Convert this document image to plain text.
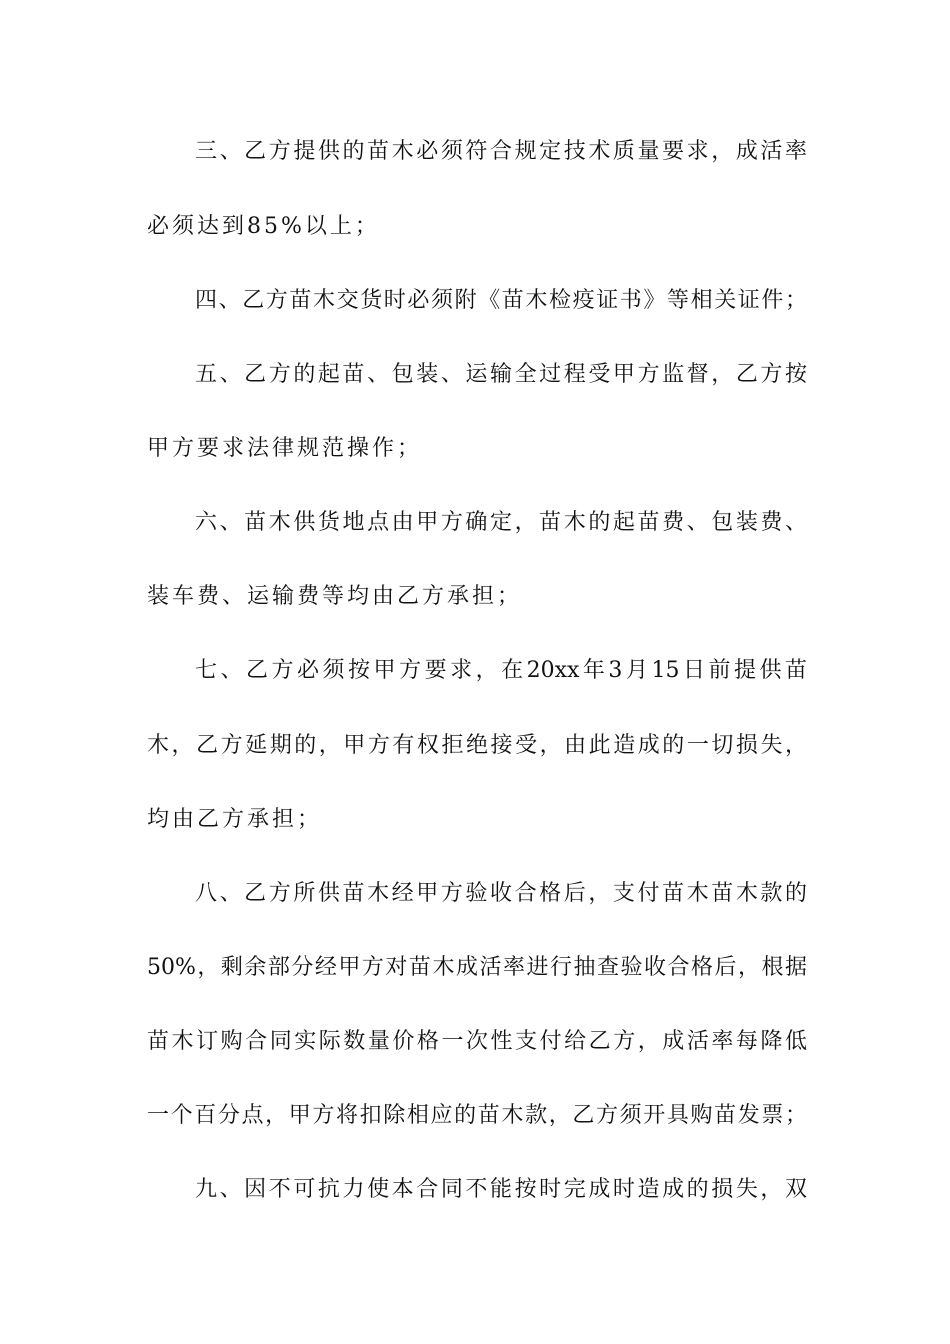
三、乙方提供的苗木必须符合规定技术质量要求，成活率
必须达到85%以上；
四、乙方苗木交货时必须附《苗木检疫证书》等相关证件；
五、乙方的起苗、包装、运输全过程受甲方监督，乙方按
甲方要求法律规范操作；
六、苗木供货地点由甲方确定，苗木的起苗费、包装费、
装车费、运输费等均由乙方承担；
七、乙方必须按甲方要求，在20xx年3月15日前提供苗
木，乙方延期的，甲方有权拒绝接受，由此造成的一切损失，
均由乙方承担；
八、乙方所供苗木经甲方验收合格后，支付苗木苗木款的
50%，剩余部分经甲方对苗木成活率进行抽查验收合格后，根据
苗木订购合同实际数量价格一次性支付给乙方，成活率每降低
一个百分点，甲方将扣除相应的苗木款，乙方须开具购苗发票；
九、因不可抗力使本合同不能按时完成时造成的损失，双
